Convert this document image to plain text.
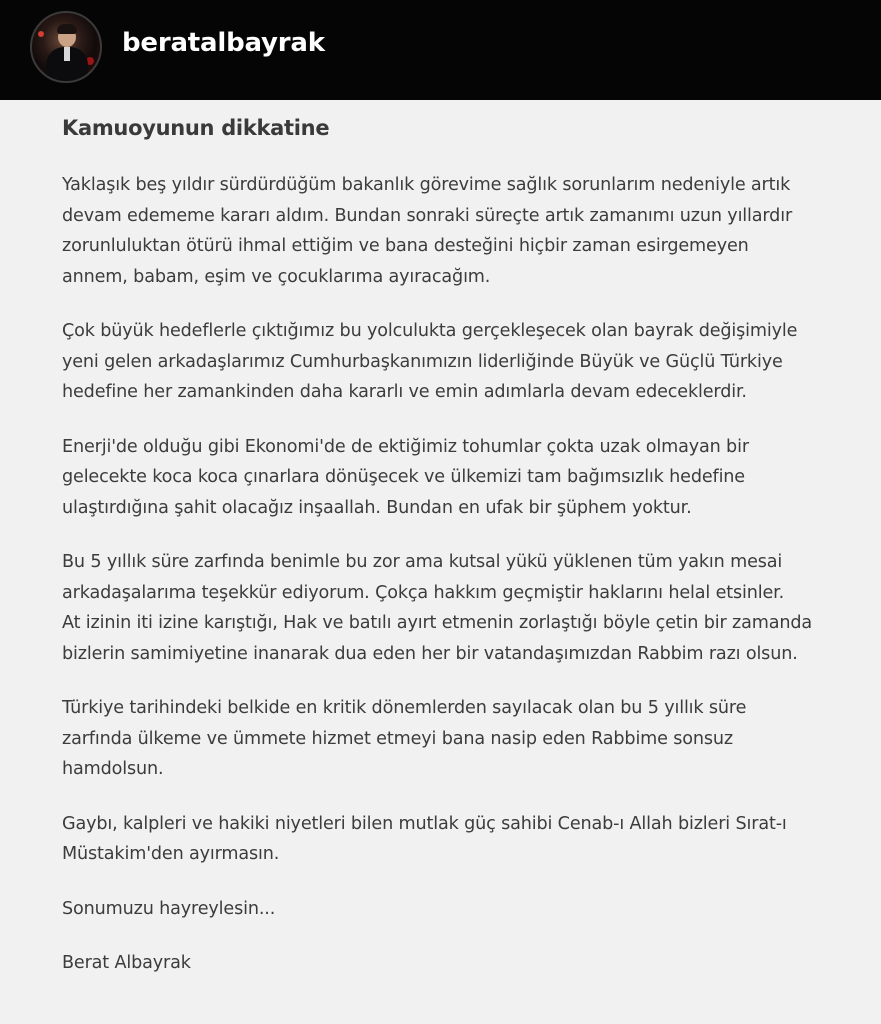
beratalbayrak
Kamuoyunun dikkatine

Yaklaşık beş yıldır sürdürdüğüm bakanlık görevime sağlık sorunlarım nedeniyle artık
devam edememe kararı aldım. Bundan sonraki süreçte artık zamanımı uzun yıllardır
zorunluluktan ötürü ihmal ettiğim ve bana desteğini hiçbir zaman esirgemeyen
annem, babam, eşim ve çocuklarıma ayıracağım.

Çok büyük hedeflerle çıktığımız bu yolculukta gerçekleşecek olan bayrak değişimiyle
yeni gelen arkadaşlarımız Cumhurbaşkanımızın liderliğinde Büyük ve Güçlü Türkiye
hedefine her zamankinden daha kararlı ve emin adımlarla devam edeceklerdir.

Enerji'de olduğu gibi Ekonomi'de de ektiğimiz tohumlar çokta uzak olmayan bir
gelecekte koca koca çınarlara dönüşecek ve ülkemizi tam bağımsızlık hedefine
ulaştırdığına şahit olacağız inşaallah. Bundan en ufak bir şüphem yoktur.

Bu 5 yıllık süre zarfında benimle bu zor ama kutsal yükü yüklenen tüm yakın mesai
arkadaşalarıma teşekkür ediyorum. Çokça hakkım geçmiştir haklarını helal etsinler.
At izinin iti izine karıştığı, Hak ve batılı ayırt etmenin zorlaştığı böyle çetin bir zamanda
bizlerin samimiyetine inanarak dua eden her bir vatandaşımızdan Rabbim razı olsun.

Türkiye tarihindeki belkide en kritik dönemlerden sayılacak olan bu 5 yıllık süre
zarfında ülkeme ve ümmete hizmet etmeyi bana nasip eden Rabbime sonsuz
hamdolsun.

Gaybı, kalpleri ve hakiki niyetleri bilen mutlak güç sahibi Cenab-ı Allah bizleri Sırat-ı
Müstakim'den ayırmasın.

Sonumuzu hayreylesin...

Berat Albayrak
